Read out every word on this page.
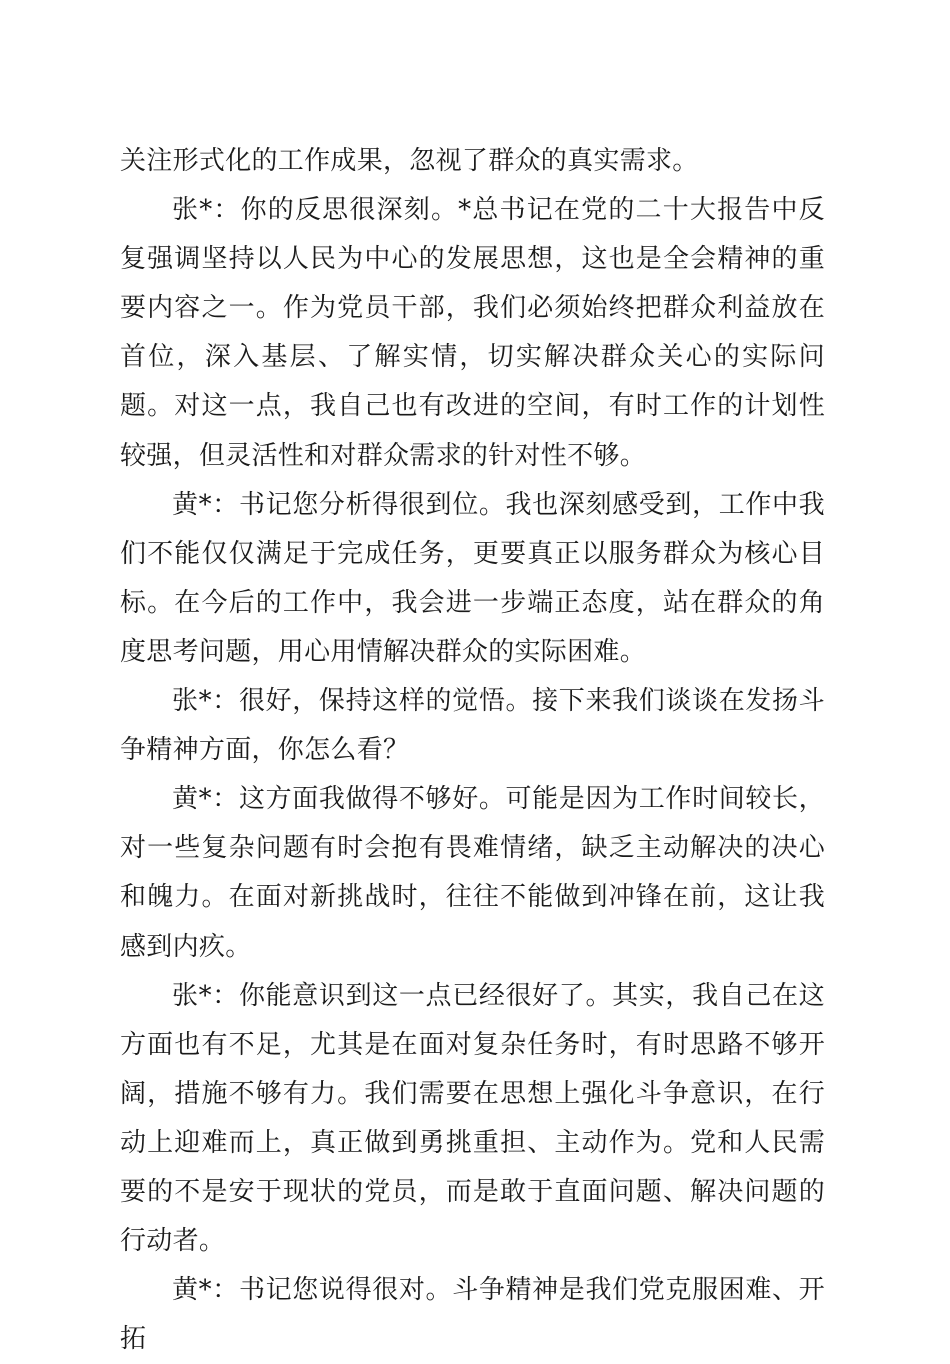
关注形式化的工作成果，忽视了群众的真实需求。

张*：你的反思很深刻。*总书记在党的二十大报告中反复强调坚持以人民为中心的发展思想，这也是全会精神的重要内容之一。作为党员干部，我们必须始终把群众利益放在首位，深入基层、了解实情，切实解决群众关心的实际问题。对这一点，我自己也有改进的空间，有时工作的计划性较强，但灵活性和对群众需求的针对性不够。

黄*：书记您分析得很到位。我也深刻感受到，工作中我们不能仅仅满足于完成任务，更要真正以服务群众为核心目标。在今后的工作中，我会进一步端正态度，站在群众的角度思考问题，用心用情解决群众的实际困难。

张*：很好，保持这样的觉悟。接下来我们谈谈在发扬斗争精神方面，你怎么看？

黄*：这方面我做得不够好。可能是因为工作时间较长，对一些复杂问题有时会抱有畏难情绪，缺乏主动解决的决心和魄力。在面对新挑战时，往往不能做到冲锋在前，这让我感到内疚。

张*：你能意识到这一点已经很好了。其实，我自己在这方面也有不足，尤其是在面对复杂任务时，有时思路不够开阔，措施不够有力。我们需要在思想上强化斗争意识，在行动上迎难而上，真正做到勇挑重担、主动作为。党和人民需要的不是安于现状的党员，而是敢于直面问题、解决问题的行动者。

黄*：书记您说得很对。斗争精神是我们党克服困难、开拓
